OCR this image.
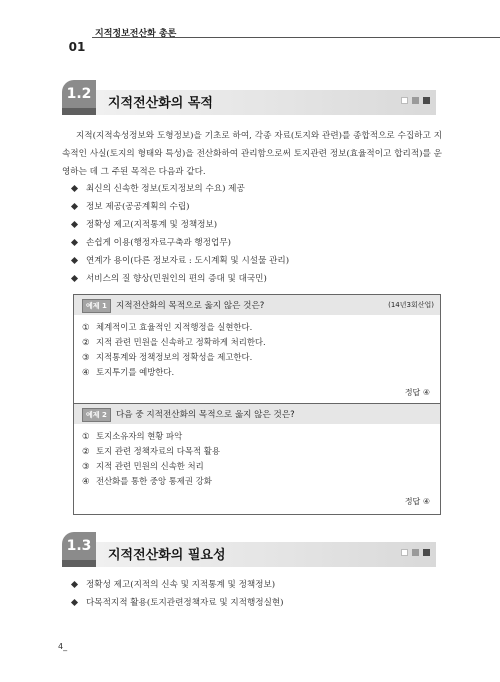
01
지적정보전산화 총론
1.2
지적전산화의 목적

지적(지적속성정보와 도형정보)을 기초로 하여, 각종 자료(토지와 관련)를 종합적으로 수집하고 지속적인 사실(토지의 형태와 특성)을 전산화하여 관리함으로써 토지관련 정보(효율적이고 합리적)를 운영하는 데 그 주된 목적은 다음과 같다.

최신의 신속한 정보(토지정보의 수요) 제공
정보 제공(공공계획의 수립)
정확성 제고(지적통계 및 정책정보)
손쉽게 이용(행정자료구축과 행정업무)
연계가 용이(다른 정보자료 : 도시계획 및 시설물 관리)
서비스의 질 향상(민원인의 편의 증대 및 대국민)
예제 1	지적전산화의 목적으로 옳지 않은 것은?	(14년3회산업)
① 체계적이고 효율적인 지적행정을 실현한다.
② 지적 관련 민원을 신속하고 정확하게 처리한다.
③ 지적통계와 정책정보의 정확성을 제고한다.
④ 토지투기를 예방한다.
정답 ④
예제 2	다음 중 지적전산화의 목적으로 옳지 않은 것은?
① 토지소유자의 현황 파악
② 토지 관련 정책자료의 다목적 활용
③ 지적 관련 민원의 신속한 처리
④ 전산화를 통한 중앙 통제권 강화
정답 ④
1.3
지적전산화의 필요성
정확성 제고(지적의 신속 및 지적통계 및 정책정보)
다목적지적 활용(토지관련정책자료 및 지적행정실현)
4_
